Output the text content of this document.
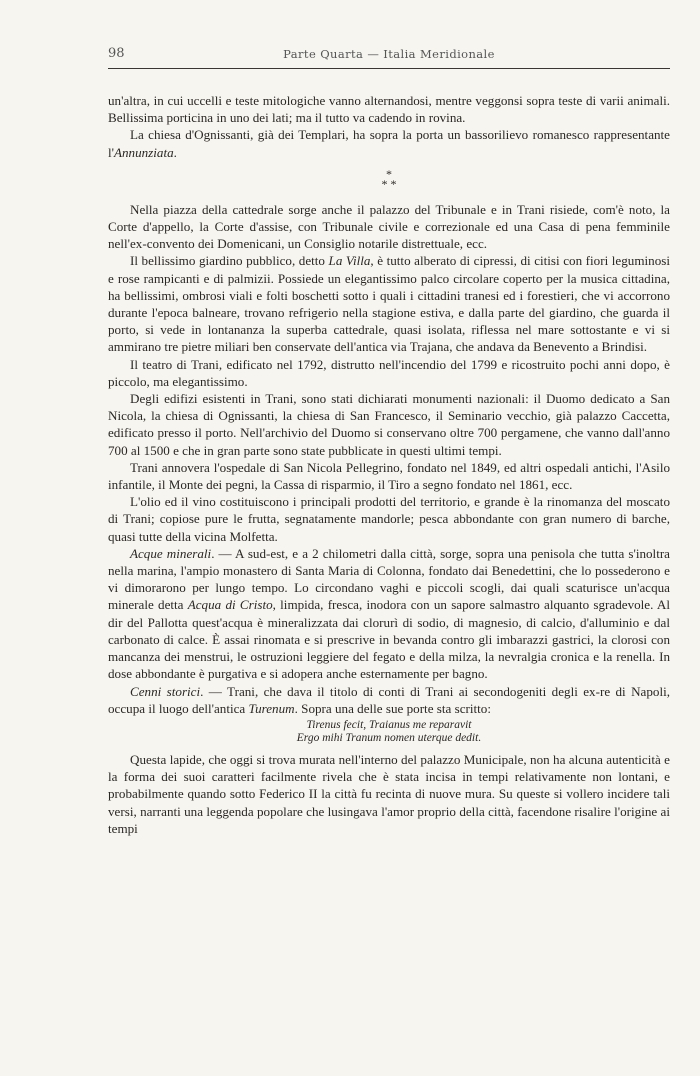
98	Parte Quarta — Italia Meridionale

un'altra, in cui uccelli e teste mitologiche vanno alternandosi, mentre veggonsi sopra teste di varii animali. Bellissima porticina in uno dei lati; ma il tutto va cadendo in rovina.

La chiesa d'Ognissanti, già dei Templari, ha sopra la porta un bassorilievo romanesco rappresentante l'Annunziata.

*
* *

Nella piazza della cattedrale sorge anche il palazzo del Tribunale e in Trani risiede, com'è noto, la Corte d'appello, la Corte d'assise, con Tribunale civile e correzionale ed una Casa di pena femminile nell'ex-convento dei Domenicani, un Consiglio notarile distrettuale, ecc.

Il bellissimo giardino pubblico, detto La Villa, è tutto alberato di cipressi, di citisi con fiori leguminosi e rose rampicanti e di palmizii. Possiede un elegantissimo palco circolare coperto per la musica cittadina, ha bellissimi, ombrosi viali e folti boschetti sotto i quali i cittadini tranesi ed i forestieri, che vi accorrono durante l'epoca balneare, trovano refrigerio nella stagione estiva, e dalla parte del giardino, che guarda il porto, si vede in lontananza la superba cattedrale, quasi isolata, riflessa nel mare sottostante e vi si ammirano tre pietre miliari ben conservate dell'antica via Trajana, che andava da Benevento a Brindisi.

Il teatro di Trani, edificato nel 1792, distrutto nell'incendio del 1799 e ricostruito pochi anni dopo, è piccolo, ma elegantissimo.

Degli edifizi esistenti in Trani, sono stati dichiarati monumenti nazionali: il Duomo dedicato a San Nicola, la chiesa di Ognissanti, la chiesa di San Francesco, il Seminario vecchio, già palazzo Caccetta, edificato presso il porto. Nell'archivio del Duomo si conservano oltre 700 pergamene, che vanno dall'anno 700 al 1500 e che in gran parte sono state pubblicate in questi ultimi tempi.

Trani annovera l'ospedale di San Nicola Pellegrino, fondato nel 1849, ed altri ospedali antichi, l'Asilo infantile, il Monte dei pegni, la Cassa di risparmio, il Tiro a segno fondato nel 1861, ecc.

L'olio ed il vino costituiscono i principali prodotti del territorio, e grande è la rinomanza del moscato di Trani; copiose pure le frutta, segnatamente mandorle; pesca abbondante con gran numero di barche, quasi tutte della vicina Molfetta.

Acque minerali. — A sud-est, e a 2 chilometri dalla città, sorge, sopra una penisola che tutta s'inoltra nella marina, l'ampio monastero di Santa Maria di Colonna, fondato dai Benedettini, che lo possederono e vi dimorarono per lungo tempo. Lo circondano vaghi e piccoli scogli, dai quali scaturisce un'acqua minerale detta Acqua di Cristo, limpida, fresca, inodora con un sapore salmastro alquanto sgradevole. Al dir del Pallotta quest'acqua è mineralizzata dai clorurì di sodio, di magnesio, di calcio, d'alluminio e dal carbonato di calce. È assai rinomata e si prescrive in bevanda contro gli imbarazzi gastrici, la clorosi con mancanza dei menstrui, le ostruzioni leggiere del fegato e della milza, la nevralgia cronica e la renella. In dose abbondante è purgativa e si adopera anche esternamente per bagno.

Cenni storici. — Trani, che dava il titolo di conti di Trani ai secondogeniti degli ex-re di Napoli, occupa il luogo dell'antica Turenum. Sopra una delle sue porte sta scritto:

Tirenus fecit, Traianus me reparavit
Ergo mihi Tranum nomen uterque dedit.

Questa lapide, che oggi si trova murata nell'interno del palazzo Municipale, non ha alcuna autenticità e la forma dei suoi caratteri facilmente rivela che è stata incisa in tempi relativamente non lontani, e probabilmente quando sotto Federico II la città fu recinta di nuove mura. Su queste si vollero incidere tali versi, narranti una leggenda popolare che lusingava l'amor proprio della città, facendone risalire l'origine ai tempi
